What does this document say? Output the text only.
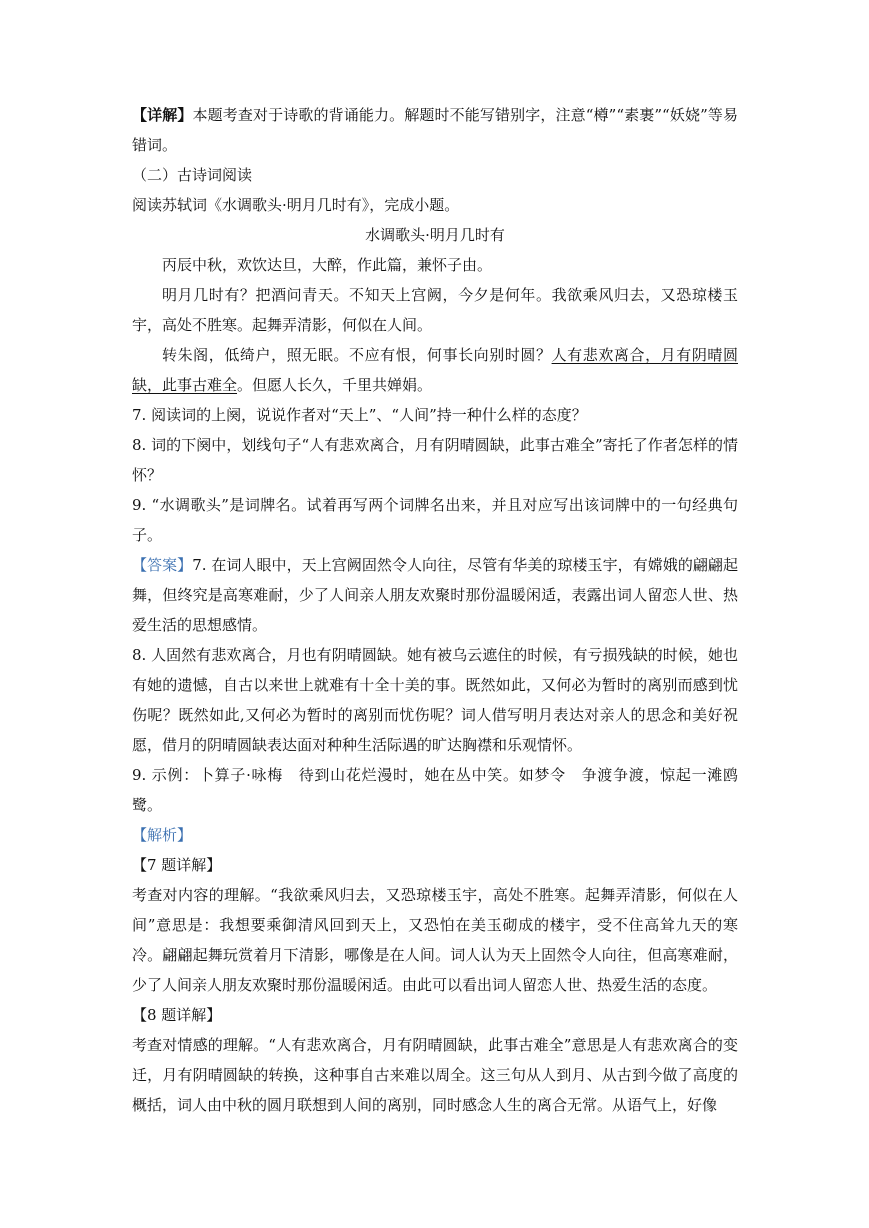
【详解】本题考查对于诗歌的背诵能力。解题时不能写错别字，注意“樽”“素裹”“妖娆”等易错词。
（二）古诗词阅读
阅读苏轼词《水调歌头·明月几时有》，完成小题。
水调歌头·明月几时有
丙辰中秋，欢饮达旦，大醉，作此篇，兼怀子由。
明月几时有？把酒问青天。不知天上宫阙，今夕是何年。我欲乘风归去，又恐琼楼玉宇，高处不胜寒。起舞弄清影，何似在人间。
转朱阁，低绮户，照无眠。不应有恨，何事长向别时圆？人有悲欢离合，月有阴晴圆缺，此事古难全。但愿人长久，千里共婵娟。
7. 阅读词的上阕，说说作者对“天上”、“人间”持一种什么样的态度？
8. 词的下阕中，划线句子“人有悲欢离合，月有阴晴圆缺，此事古难全”寄托了作者怎样的情怀？
9. “水调歌头”是词牌名。试着再写两个词牌名出来，并且对应写出该词牌中的一句经典句子。
【答案】7. 在词人眼中，天上宫阙固然令人向往，尽管有华美的琼楼玉宇，有嫦娥的翩翩起舞，但终究是高寒难耐，少了人间亲人朋友欢聚时那份温暖闲适，表露出词人留恋人世、热爱生活的思想感情。
8. 人固然有悲欢离合，月也有阴晴圆缺。她有被乌云遮住的时候，有亏损残缺的时候，她也有她的遗憾，自古以来世上就难有十全十美的事。既然如此，又何必为暂时的离别而感到忧伤呢？既然如此,又何必为暂时的离别而忧伤呢？词人借写明月表达对亲人的思念和美好祝愿，借月的阴晴圆缺表达面对种种生活际遇的旷达胸襟和乐观情怀。
9. 示例：卜算子·咏梅　待到山花烂漫时，她在丛中笑。如梦令　争渡争渡，惊起一滩鸥鹭。
【解析】
【7 题详解】
考查对内容的理解。“我欲乘风归去，又恐琼楼玉宇，高处不胜寒。起舞弄清影，何似在人间”意思是：我想要乘御清风回到天上，又恐怕在美玉砌成的楼宇，受不住高耸九天的寒冷。翩翩起舞玩赏着月下清影，哪像是在人间。词人认为天上固然令人向往，但高寒难耐，少了人间亲人朋友欢聚时那份温暖闲适。由此可以看出词人留恋人世、热爱生活的态度。
【8 题详解】
考查对情感的理解。“人有悲欢离合，月有阴晴圆缺，此事古难全”意思是人有悲欢离合的变迁，月有阴晴圆缺的转换，这种事自古来难以周全。这三句从人到月、从古到今做了高度的概括，词人由中秋的圆月联想到人间的离别，同时感念人生的离合无常。从语气上，好像
